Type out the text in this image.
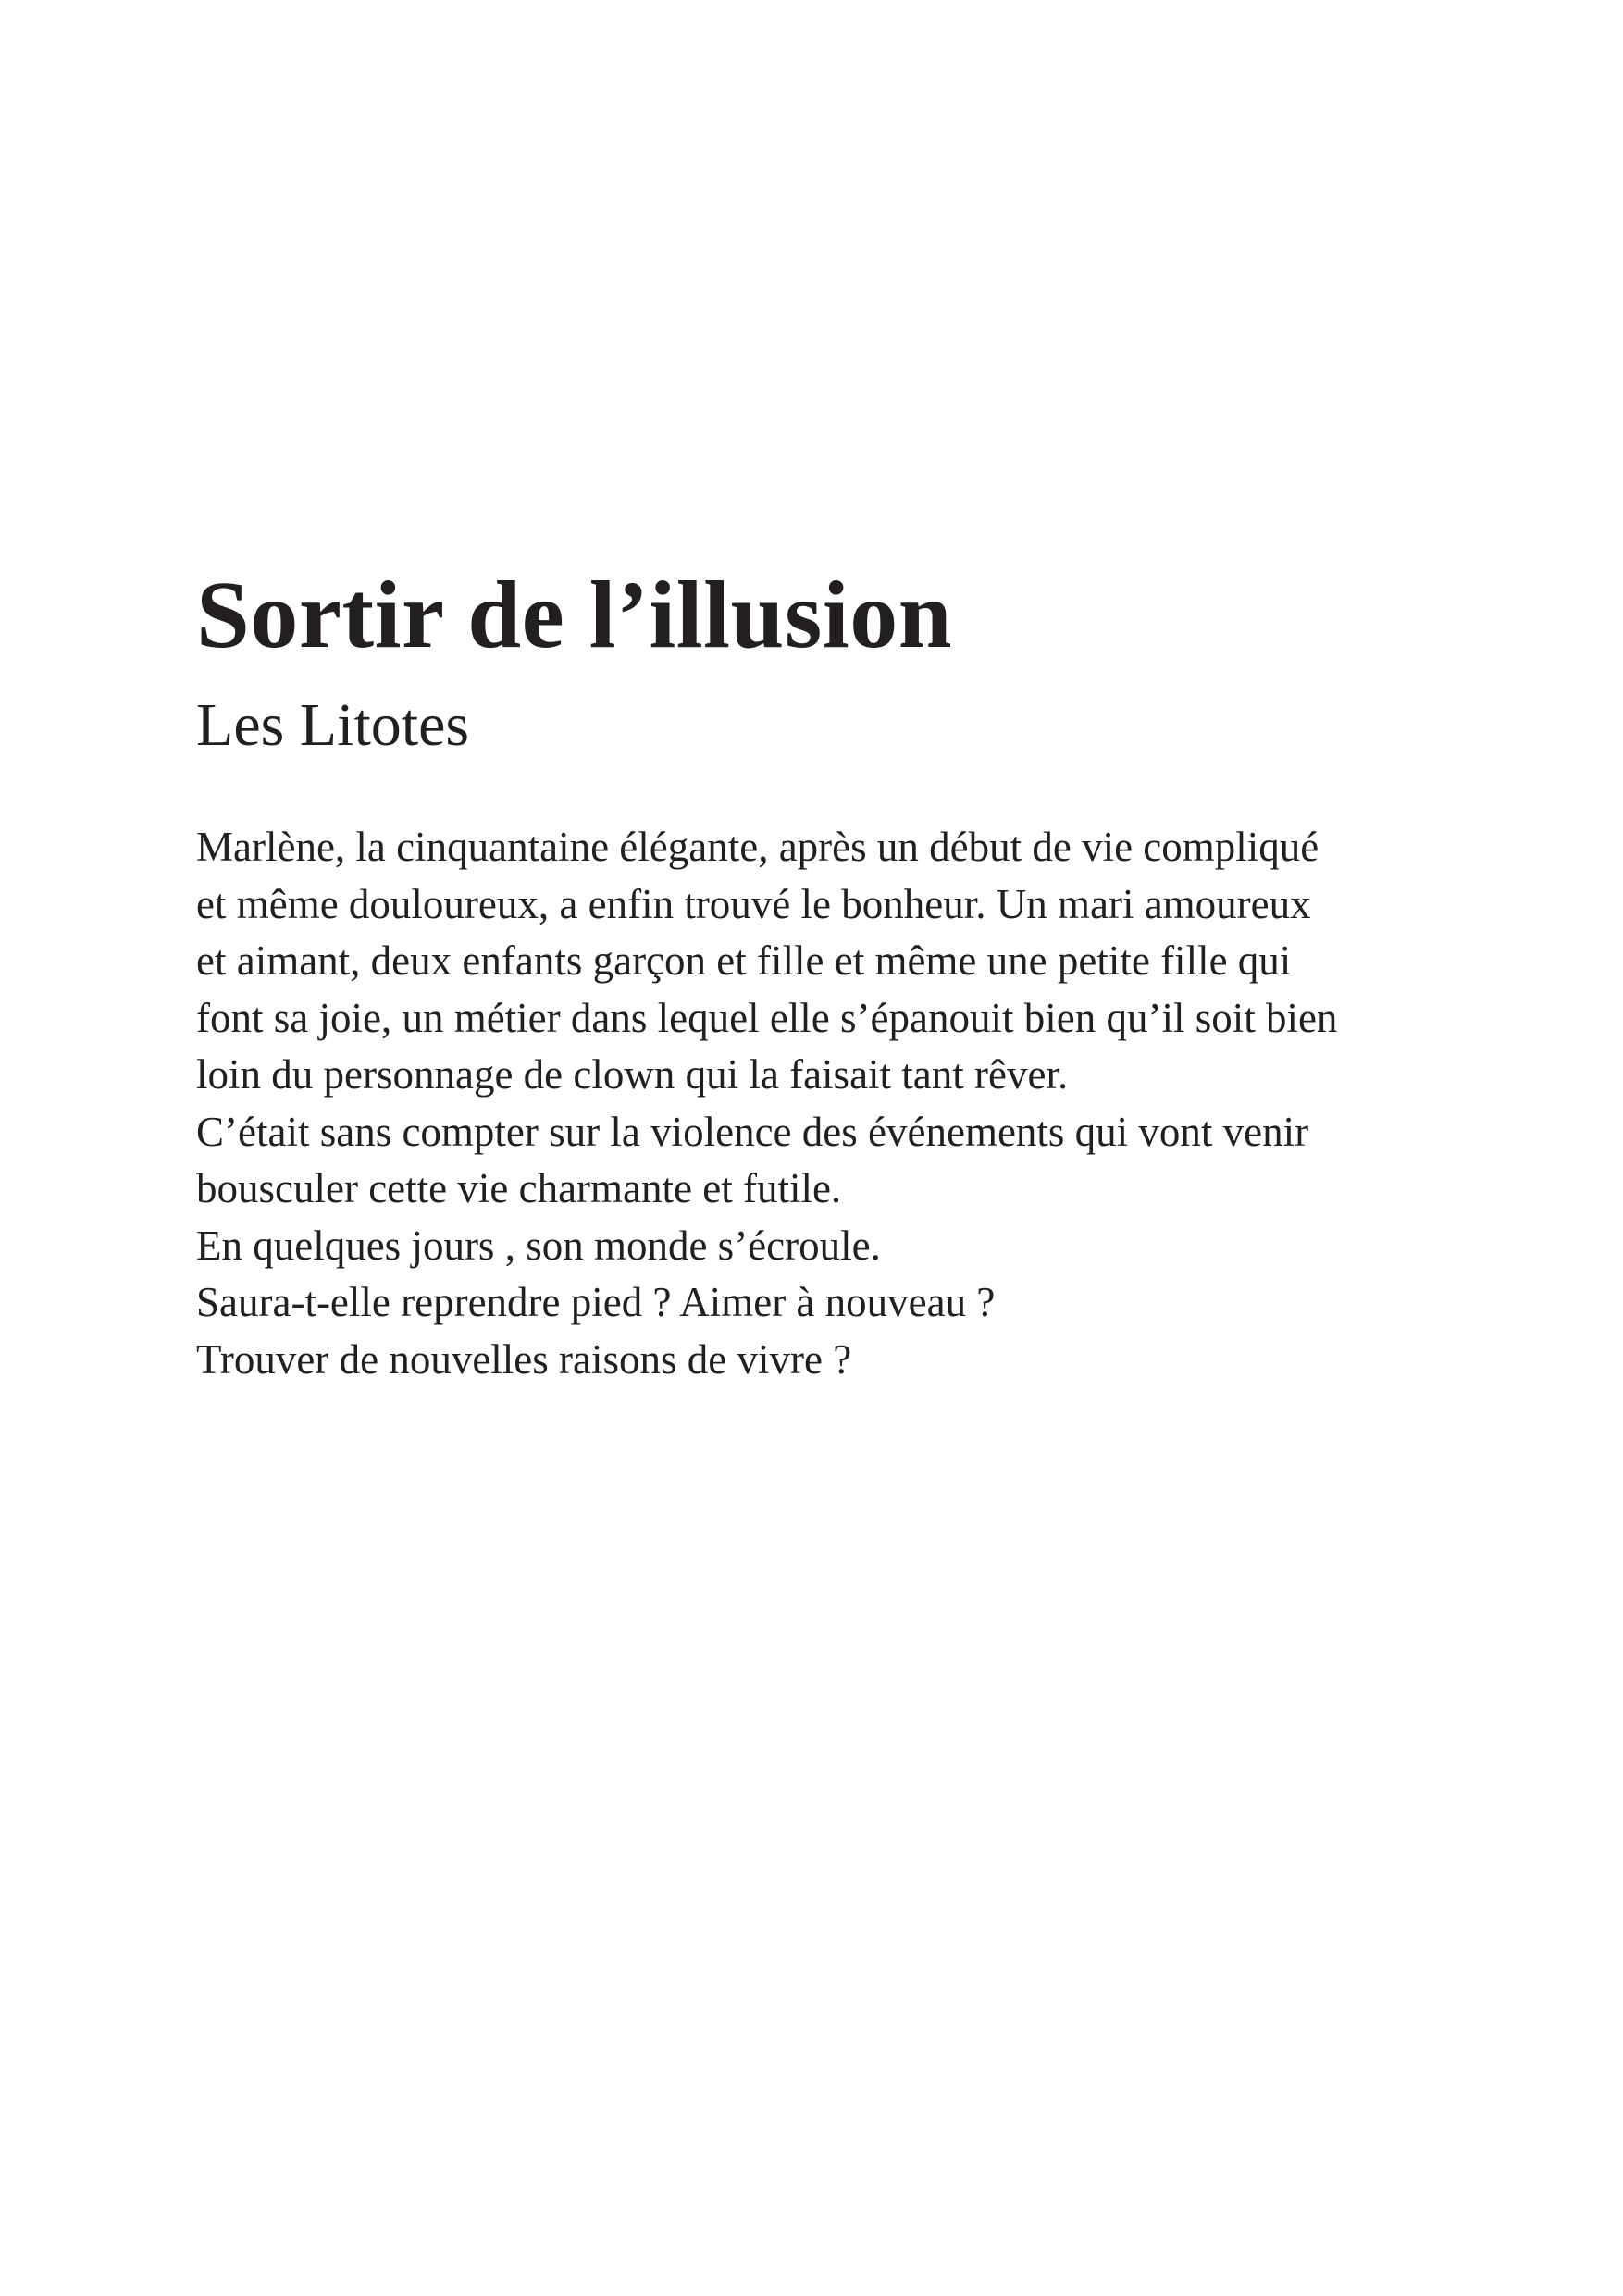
Sortir de l’illusion
Les Litotes
Marlène, la cinquantaine élégante, après un début de vie compliqué
et même douloureux, a enfin trouvé le bonheur. Un mari amoureux
et aimant, deux enfants garçon et fille et même une petite fille qui
font sa joie, un métier dans lequel elle s’épanouit bien qu’il soit bien
loin du personnage de clown qui la faisait tant rêver.
C’était sans compter sur la violence des événements qui vont venir
bousculer cette vie charmante et futile.
En quelques jours , son monde s’écroule.
Saura-t-elle reprendre pied ? Aimer à nouveau ?
Trouver de nouvelles raisons de vivre ?
